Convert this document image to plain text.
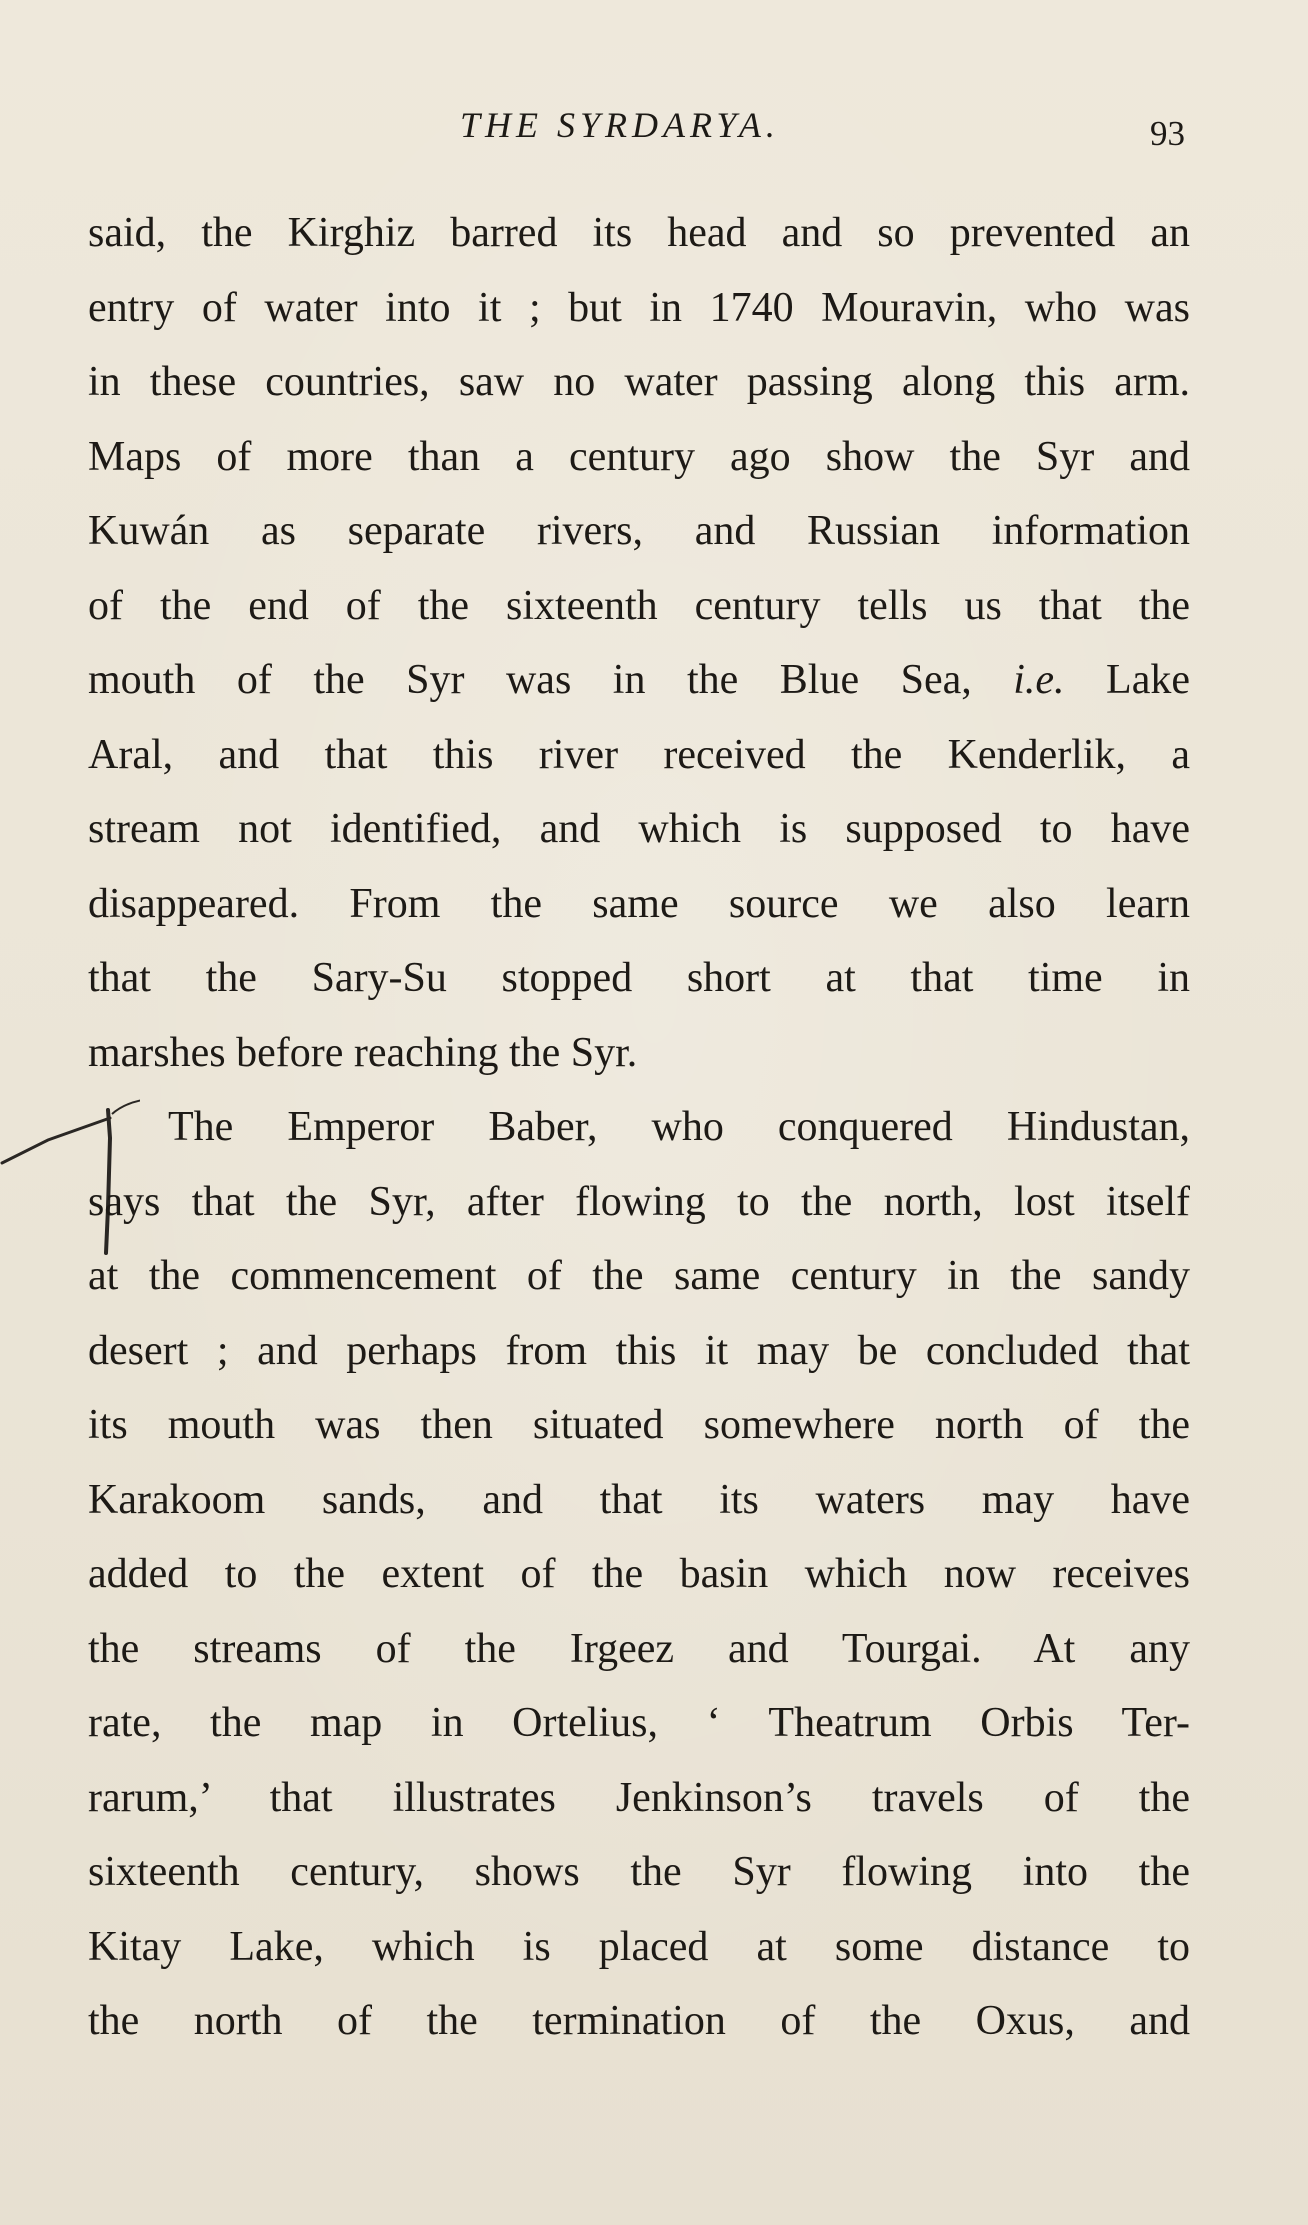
THE SYRDARYA.	93
said, the Kirghiz barred its head and so prevented an
entry of water into it ; but in 1740 Mouravin, who was
in these countries, saw no water passing along this arm.
Maps of more than a century ago show the Syr and
Kuwán as separate rivers, and Russian information
of the end of the sixteenth century tells us that the
mouth of the Syr was in the Blue Sea, i.e. Lake
Aral, and that this river received the Kenderlik, a
stream not identified, and which is supposed to have
disappeared. From the same source we also learn
that the Sary-Su stopped short at that time in
marshes before reaching the Syr.
The Emperor Baber, who conquered Hindustan,
says that the Syr, after flowing to the north, lost itself
at the commencement of the same century in the sandy
desert ; and perhaps from this it may be concluded that
its mouth was then situated somewhere north of the
Karakoom sands, and that its waters may have
added to the extent of the basin which now receives
the streams of the Irgeez and Tourgai. At any
rate, the map in Ortelius, ‘ Theatrum Orbis Ter-
rarum,’ that illustrates Jenkinson’s travels of the
sixteenth century, shows the Syr flowing into the
Kitay Lake, which is placed at some distance to
the north of the termination of the Oxus, and
